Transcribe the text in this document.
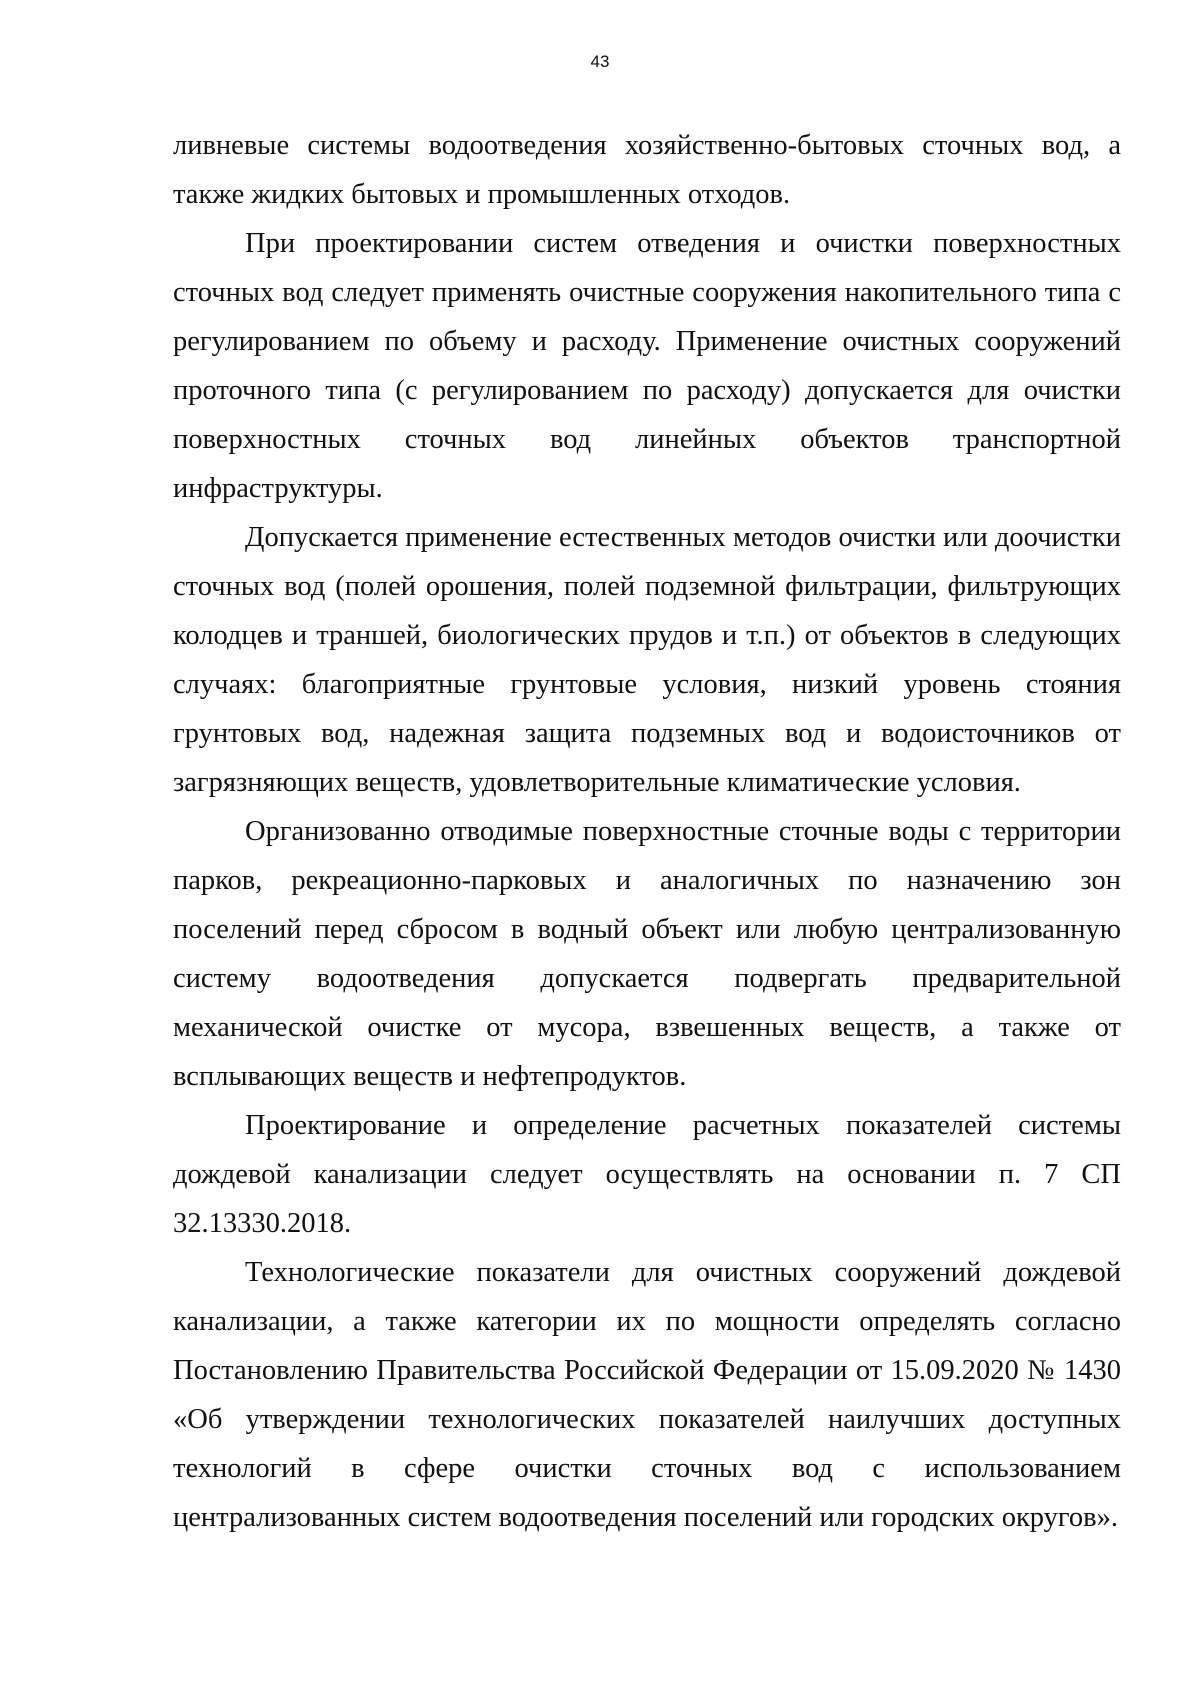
43

ливневые системы водоотведения хозяйственно-бытовых сточных вод, а также жидких бытовых и промышленных отходов.

При проектировании систем отведения и очистки поверхностных сточных вод следует применять очистные сооружения накопительного типа с регулированием по объему и расходу. Применение очистных сооружений проточного типа (с регулированием по расходу) допускается для очистки поверхностных сточных вод линейных объектов транспортной инфраструктуры.

Допускается применение естественных методов очистки или доочистки сточных вод (полей орошения, полей подземной фильтрации, фильтрующих колодцев и траншей, биологических прудов и т.п.) от объектов в следующих случаях: благоприятные грунтовые условия, низкий уровень стояния грунтовых вод, надежная защита подземных вод и водоисточников от загрязняющих веществ, удовлетворительные климатические условия.

Организованно отводимые поверхностные сточные воды с территории парков, рекреационно-парковых и аналогичных по назначению зон поселений перед сбросом в водный объект или любую централизованную систему водоотведения допускается подвергать предварительной механической очистке от мусора, взвешенных веществ, а также от всплывающих веществ и нефтепродуктов.

Проектирование и определение расчетных показателей системы дождевой канализации следует осуществлять на основании п. 7 СП 32.13330.2018.

Технологические показатели для очистных сооружений дождевой канализации, а также категории их по мощности определять согласно Постановлению Правительства Российской Федерации от 15.09.2020 № 1430 «Об утверждении технологических показателей наилучших доступных технологий в сфере очистки сточных вод с использованием централизованных систем водоотведения поселений или городских округов».
